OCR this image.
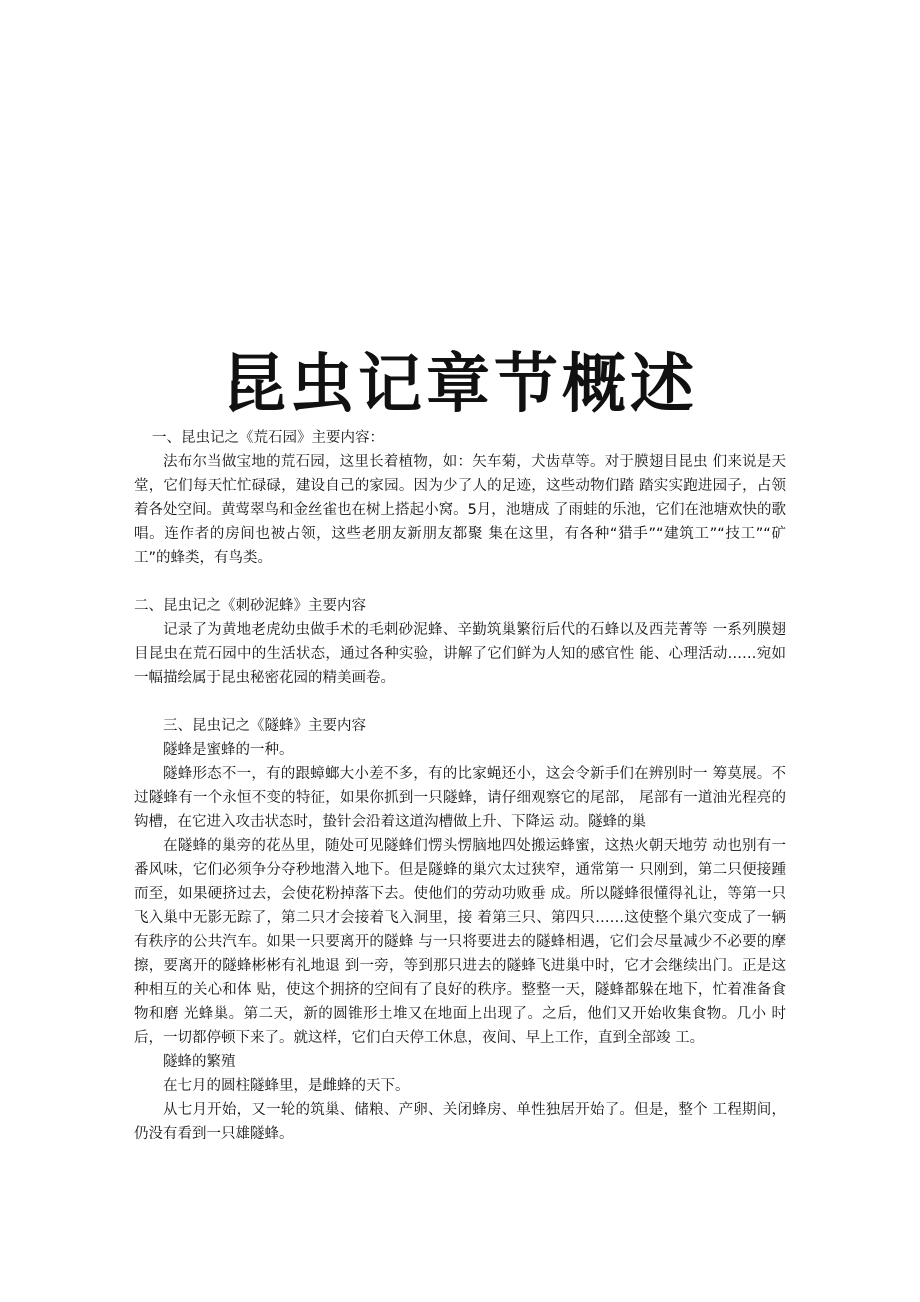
昆虫记章节概述

一、昆虫记之《荒石园》主要内容：

法布尔当做宝地的荒石园，这里长着植物，如：矢车菊，犬齿草等。对于膜翅目昆虫 们来说是天堂，它们每天忙忙碌碌，建设自己的家园。因为少了人的足迹，这些动物们踏 踏实实跑进园子，占领着各处空间。黄莺翠鸟和金丝雀也在树上搭起小窝。5月，池塘成 了雨蛙的乐池，它们在池塘欢快的歌唱。连作者的房间也被占领，这些老朋友新朋友都聚 集在这里，有各种“猎手”“建筑工”“技工”“矿工”的蜂类，有鸟类。

二、昆虫记之《刺砂泥蜂》主要内容

记录了为黄地老虎幼虫做手术的毛刺砂泥蜂、辛勤筑巢繁衍后代的石蜂以及西芫菁等 一系列膜翅目昆虫在荒石园中的生活状态，通过各种实验，讲解了它们鲜为人知的感官性 能、心理活动……宛如一幅描绘属于昆虫秘密花园的精美画卷。

三、昆虫记之《隧蜂》主要内容

隧蜂是蜜蜂的一种。

隧蜂形态不一，有的跟蟑螂大小差不多，有的比家蝇还小，这会令新手们在辨别时一 筹莫展。不过隧蜂有一个永恒不变的特征，如果你抓到一只隧蜂，请仔细观察它的尾部， 尾部有一道油光程亮的钩槽，在它进入攻击状态时，蛰针会沿着这道沟槽做上升、下降运 动。隧蜂的巢

在隧蜂的巢旁的花丛里，随处可见隧蜂们愣头愣脑地四处搬运蜂蜜，这热火朝天地劳 动也别有一番风味，它们必须争分夺秒地潜入地下。但是隧蜂的巢穴太过狭窄，通常第一 只刚到，第二只便接踵而至，如果硬挤过去，会使花粉掉落下去。使他们的劳动功败垂 成。所以隧蜂很懂得礼让，等第一只飞入巢中无影无踪了，第二只才会接着飞入洞里，接 着第三只、第四只……这使整个巢穴变成了一辆有秩序的公共汽车。如果一只要离开的隧蜂 与一只将要进去的隧蜂相遇，它们会尽量减少不必要的摩擦，要离开的隧蜂彬彬有礼地退 到一旁，等到那只进去的隧蜂飞进巢中时，它才会继续出门。正是这种相互的关心和体 贴，使这个拥挤的空间有了良好的秩序。整整一天，隧蜂都躲在地下，忙着准备食物和磨 光蜂巢。第二天，新的圆锥形土堆又在地面上出现了。之后，他们又开始收集食物。几小 时后，一切都停顿下来了。就这样，它们白天停工休息，夜间、早上工作，直到全部竣 工。

隧蜂的繁殖

在七月的圆柱隧蜂里，是雌蜂的天下。

从七月开始，又一轮的筑巢、储粮、产卵、关闭蜂房、单性独居开始了。但是，整个 工程期间，仍没有看到一只雄隧蜂。
